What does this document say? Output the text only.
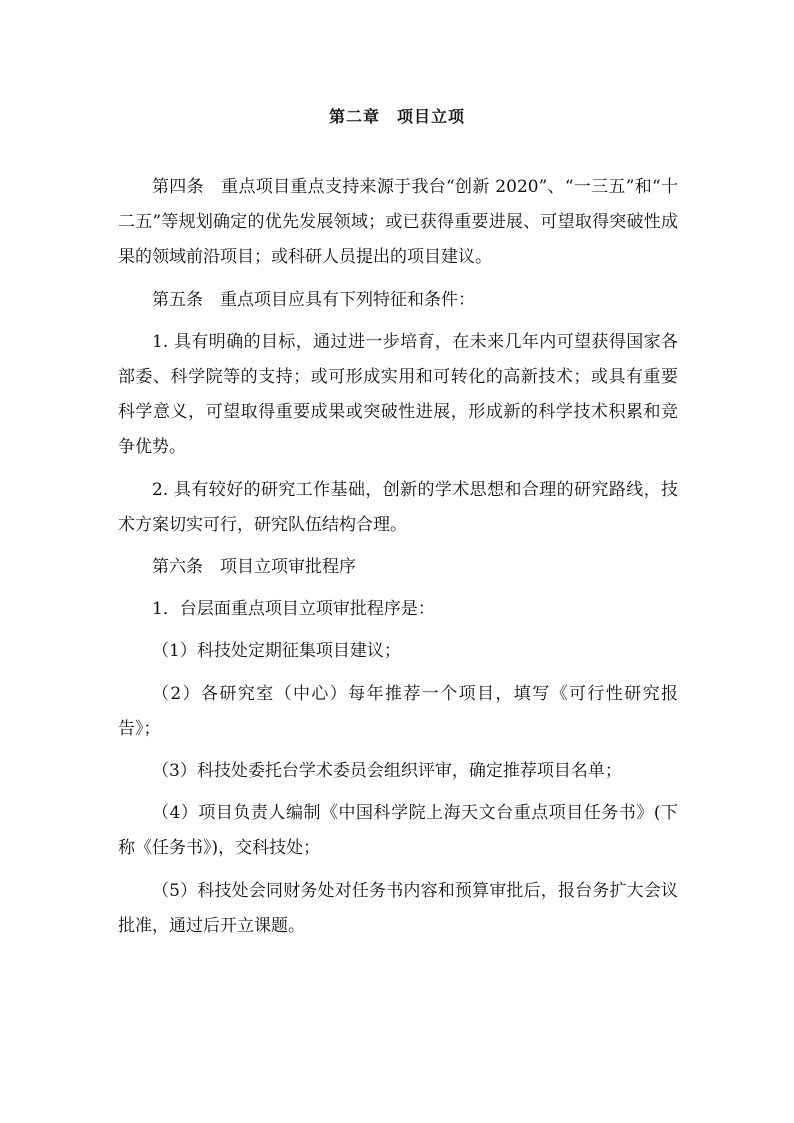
第二章　项目立项

第四条 重点项目重点支持来源于我台“创新 2020”、“一三五”和“十二五”等规划确定的优先发展领域；或已获得重要进展、可望取得突破性成果的领域前沿项目；或科研人员提出的项目建议。

第五条 重点项目应具有下列特征和条件：

1. 具有明确的目标，通过进一步培育，在未来几年内可望获得国家各部委、科学院等的支持；或可形成实用和可转化的高新技术；或具有重要科学意义，可望取得重要成果或突破性进展，形成新的科学技术积累和竞争优势。

2. 具有较好的研究工作基础，创新的学术思想和合理的研究路线，技术方案切实可行，研究队伍结构合理。

第六条 项目立项审批程序

1．台层面重点项目立项审批程序是：

（1）科技处定期征集项目建议；

（2）各研究室（中心）每年推荐一个项目，填写《可行性研究报告》；

（3）科技处委托台学术委员会组织评审，确定推荐项目名单；

（4）项目负责人编制《中国科学院上海天文台重点项目任务书》(下称《任务书》)，交科技处；

（5）科技处会同财务处对任务书内容和预算审批后，报台务扩大会议批准，通过后开立课题。
